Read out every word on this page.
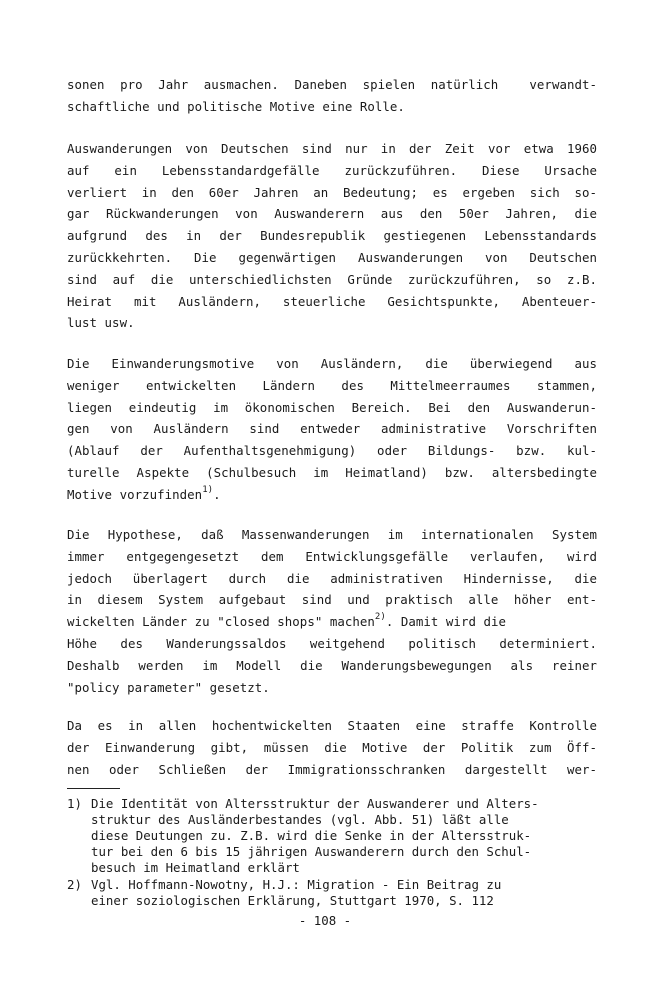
sonen pro Jahr ausmachen. Daneben spielen natürlich  verwandt-
schaftliche und politische Motive eine Rolle.
Auswanderungen von Deutschen sind nur in der Zeit vor etwa 1960
auf ein Lebensstandardgefälle zurückzuführen. Diese Ursache
verliert in den 60er Jahren an Bedeutung; es ergeben sich so-
gar Rückwanderungen von Auswanderern aus den 50er Jahren, die
aufgrund des in der Bundesrepublik gestiegenen Lebensstandards
zurückkehrten. Die gegenwärtigen Auswanderungen von Deutschen
sind auf die unterschiedlichsten Gründe zurückzuführen, so z.B.
Heirat mit Ausländern, steuerliche Gesichtspunkte, Abenteuer-
lust usw.
Die Einwanderungsmotive von Ausländern, die überwiegend aus
weniger entwickelten Ländern des Mittelmeerraumes stammen,
liegen eindeutig im ökonomischen Bereich. Bei den Auswanderun-
gen von Ausländern sind entweder administrative Vorschriften
(Ablauf der Aufenthaltsgenehmigung) oder Bildungs- bzw. kul-
turelle Aspekte (Schulbesuch im Heimatland) bzw. altersbedingte
Motive vorzufinden$^{1)}$.
Die Hypothese, daß Massenwanderungen im internationalen System
immer entgegengesetzt dem Entwicklungsgefälle verlaufen, wird
jedoch überlagert durch die administrativen Hindernisse, die
in diesem System aufgebaut sind und praktisch alle höher ent-
wickelten Länder zu "closed shops" machen$^{2)}$. Damit wird die
Höhe des Wanderungssaldos weitgehend politisch determiniert.
Deshalb werden im Modell die Wanderungsbewegungen als reiner
"policy parameter" gesetzt.
Da es in allen hochentwickelten Staaten eine straffe Kontrolle
der Einwanderung gibt, müssen die Motive der Politik zum Öff-
nen oder Schließen der Immigrationsschranken dargestellt wer-
1) Die Identität von Altersstruktur der Auswanderer und Alters-
struktur des Ausländerbestandes (vgl. Abb. 51) läßt alle
diese Deutungen zu. Z.B. wird die Senke in der Altersstruk-
tur bei den 6 bis 15 jährigen Auswanderern durch den Schul-
besuch im Heimatland erklärt
2) Vgl. Hoffmann-Nowotny, H.J.: Migration - Ein Beitrag zu
einer soziologischen Erklärung, Stuttgart 1970, S. 112
- 108 -
